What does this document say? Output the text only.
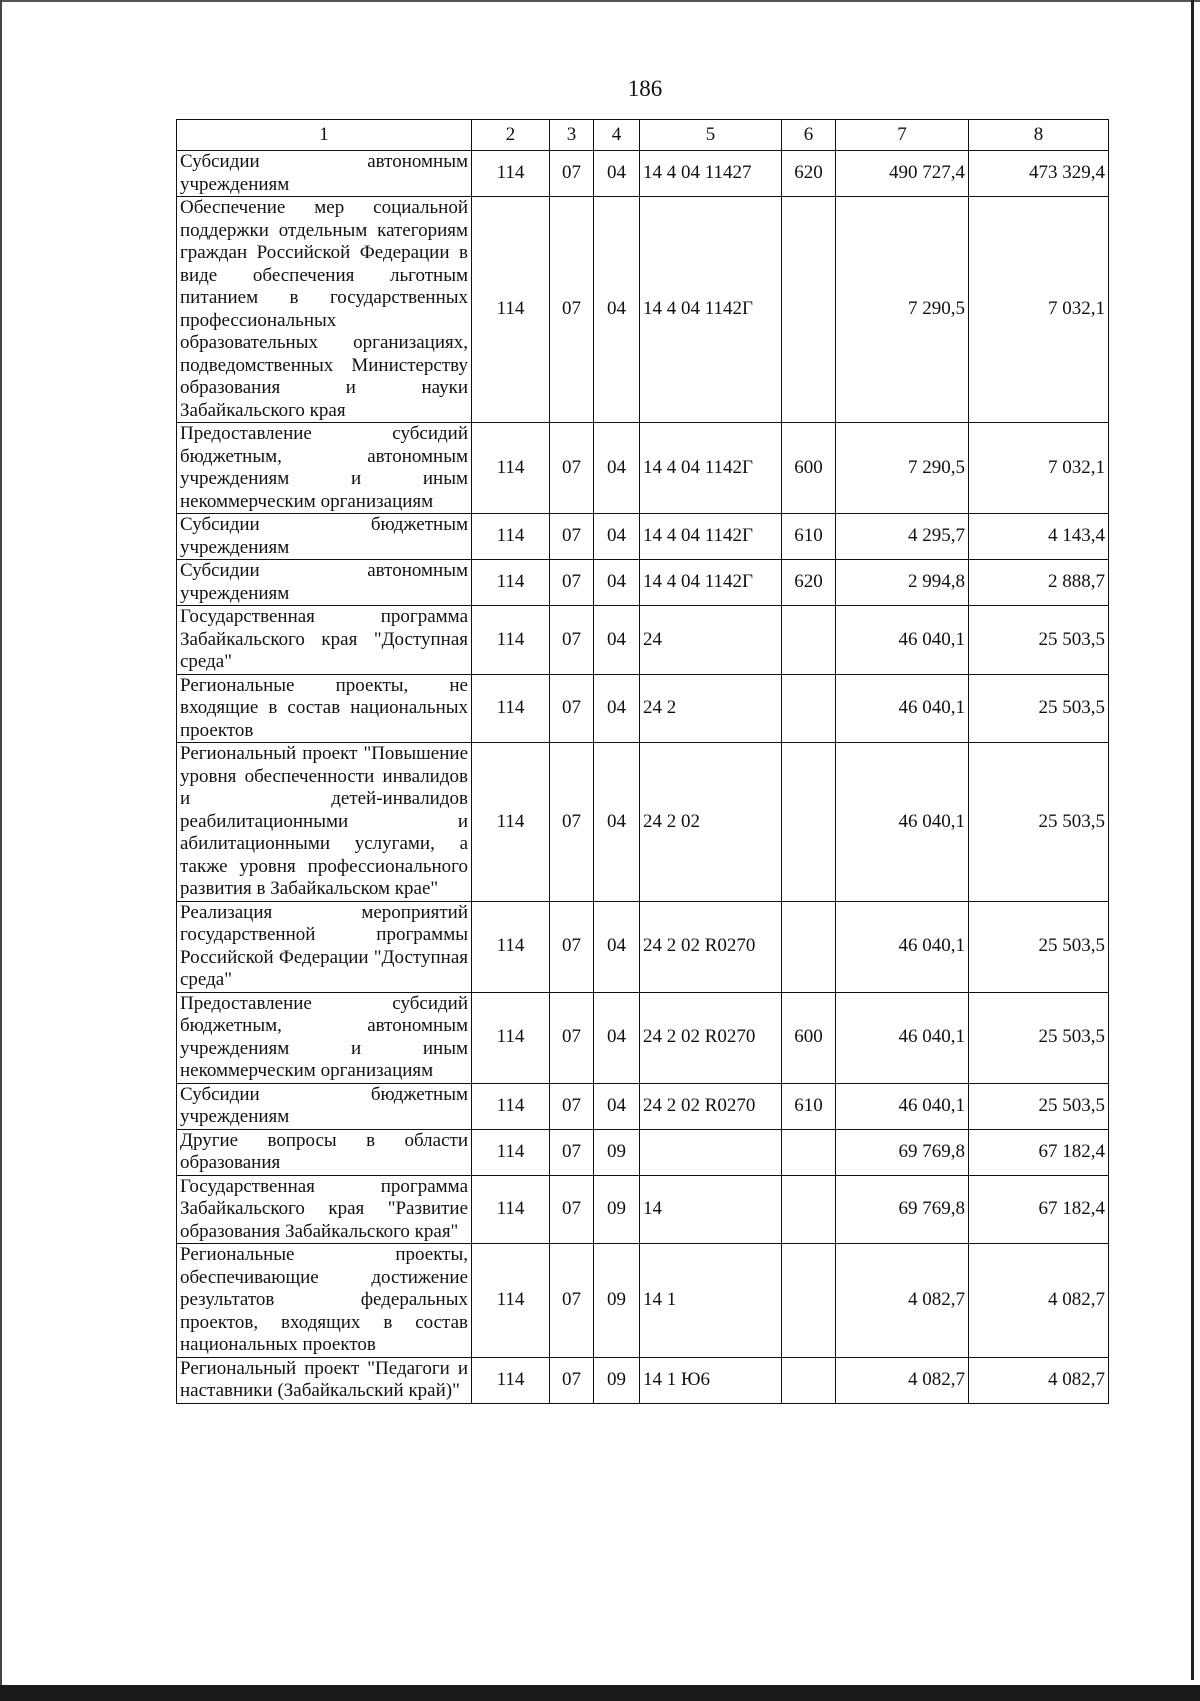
186
1	2	3	4	5	6	7	8
Субсидии автономным учреждениям	114	07	04	14 4 04 11427	620	490 727,4	473 329,4
Обеспечение мер социальной поддержки отдельным категориям граждан Российской Федерации в виде обеспечения льготным питанием в государственных профессиональных образовательных организациях, подведомственных Министерству образования и науки Забайкальского края	114	07	04	14 4 04 1142Г		7 290,5	7 032,1
Предоставление субсидий бюджетным, автономным учреждениям и иным некоммерческим организациям	114	07	04	14 4 04 1142Г	600	7 290,5	7 032,1
Субсидии бюджетным учреждениям	114	07	04	14 4 04 1142Г	610	4 295,7	4 143,4
Субсидии автономным учреждениям	114	07	04	14 4 04 1142Г	620	2 994,8	2 888,7
Государственная программа Забайкальского края "Доступная среда"	114	07	04	24		46 040,1	25 503,5
Региональные проекты, не входящие в состав национальных проектов	114	07	04	24 2		46 040,1	25 503,5
Региональный проект "Повышение уровня обеспеченности инвалидов и детей-инвалидов реабилитационными и абилитационными услугами, а также уровня профессионального развития в Забайкальском крае"	114	07	04	24 2 02		46 040,1	25 503,5
Реализация мероприятий государственной программы Российской Федерации "Доступная среда"	114	07	04	24 2 02 R0270		46 040,1	25 503,5
Предоставление субсидий бюджетным, автономным учреждениям и иным некоммерческим организациям	114	07	04	24 2 02 R0270	600	46 040,1	25 503,5
Субсидии бюджетным учреждениям	114	07	04	24 2 02 R0270	610	46 040,1	25 503,5
Другие вопросы в области образования	114	07	09			69 769,8	67 182,4
Государственная программа Забайкальского края "Развитие образования Забайкальского края"	114	07	09	14		69 769,8	67 182,4
Региональные проекты, обеспечивающие достижение результатов федеральных проектов, входящих в состав национальных проектов	114	07	09	14 1		4 082,7	4 082,7
Региональный проект "Педагоги и наставники (Забайкальский край)"	114	07	09	14 1 Ю6		4 082,7	4 082,7
